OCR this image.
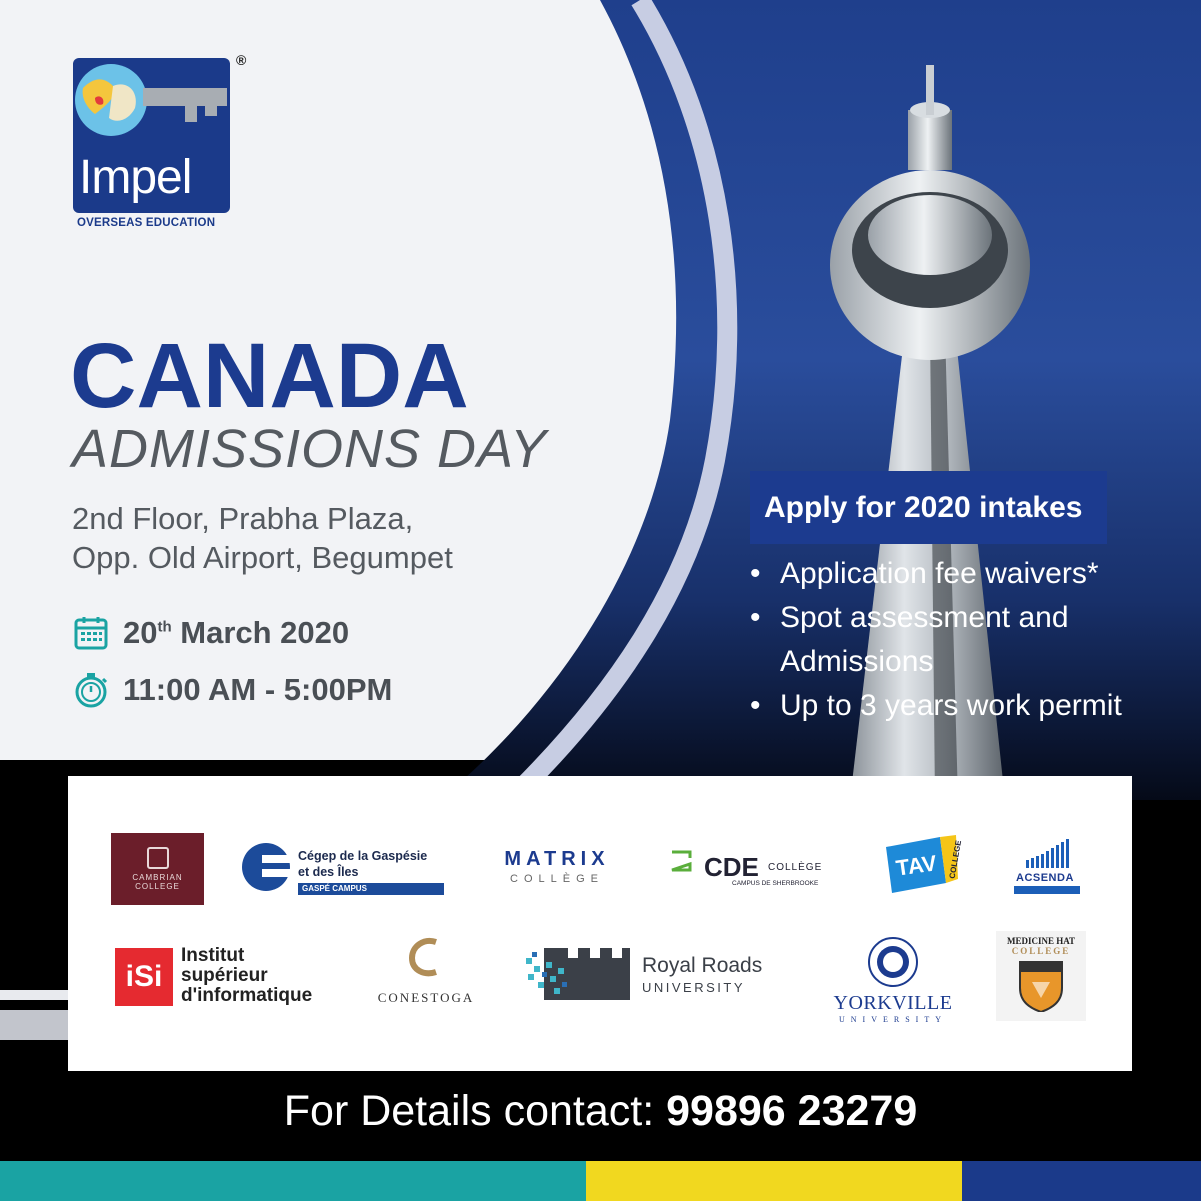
Impel
OVERSEAS EDUCATION
®
CANADA
ADMISSIONS DAY
2nd Floor, Prabha Plaza,
Opp. Old Airport, Begumpet
20th March 2020
11:00 AM - 5:00PM
Apply for 2020 intakes
• Application fee waivers*
• Spot assessment and Admissions
• Up to 3 years work permit
CAMBRIAN
COLLEGE
Cégep de la Gaspésie
et des Îles
GASPÉ CAMPUS
MATRIX
COLLÈGE	CDE COLLÈGE
CAMPUS DE SHERBROOKE
TAV COLLEGE	ACSENDA
iSi
Institut
supérieur
d'informatique	CONESTOGA
Royal Roads
UNIVERSITY
YORKVILLE
UNIVERSITY
MEDICINE HAT
COLLEGE
For Details contact: 99896 23279
